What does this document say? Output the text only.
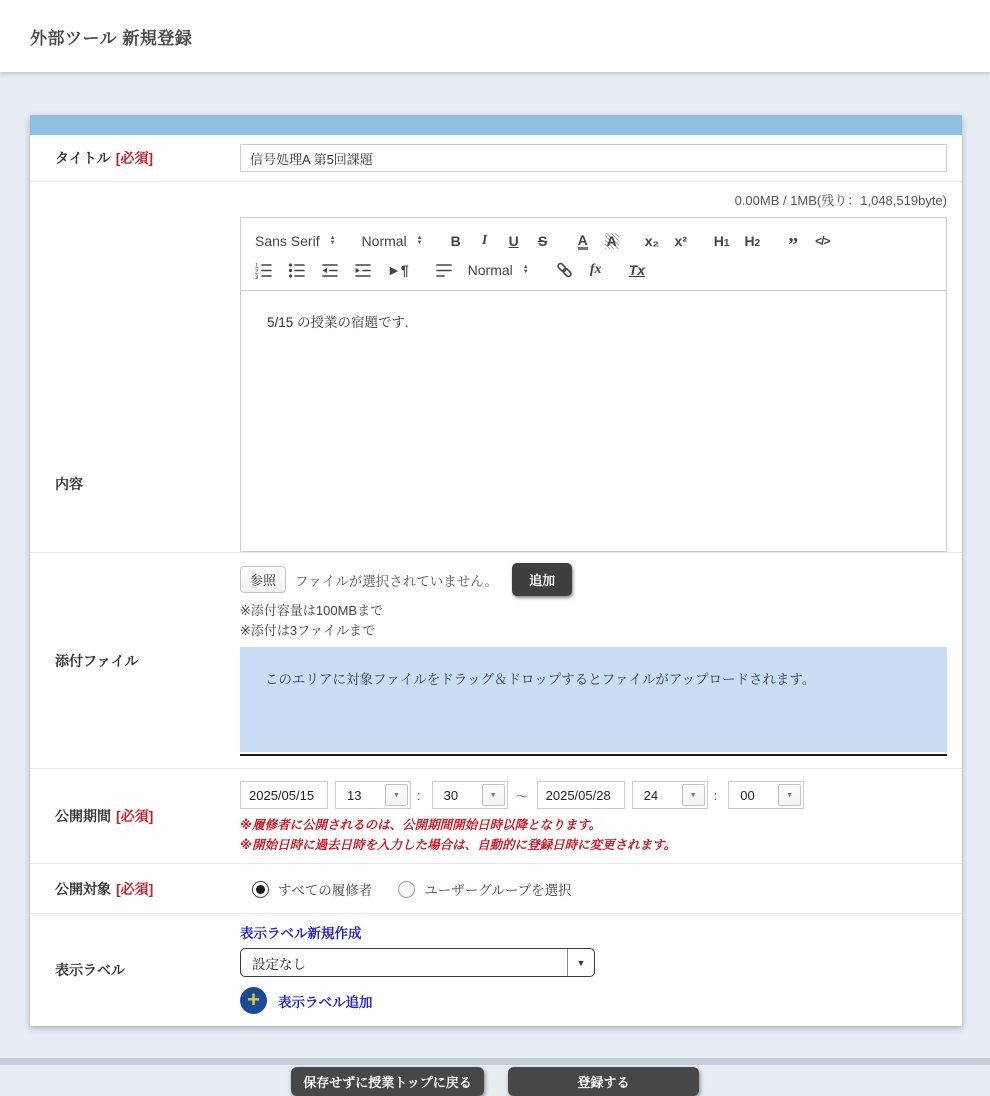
外部ツール 新規登録
タイトル [必須]
信号処理A 第5回課題
内容
0.00MB / 1MB(残り：1,048,519byte)
Sans Serif ▲
▼ Normal ▲
▼ B	I	U S A A x₂ x² H1 H2 ” </>
1
2
3	►¶	Normal ▲
▼	fx Tx
5/15 の授業の宿題です.
添付ファイル
参照	ファイルが選択されていません。	追加
※添付容量は100MBまで
※添付は3ファイルまで
このエリアに対象ファイルをドラッグ＆ドロップするとファイルがアップロードされます。
公開期間 [必須]
2025/05/15	13	▼	:	30	▼	～	2025/05/28	24	▼	:	00	▼
※履修者に公開されるのは、公開期間開始日時以降となります。
※開始日時に過去日時を入力した場合は、自動的に登録日時に変更されます。
公開対象 [必須]	すべての履修者	ユーザーグループを選択
表示ラベル
表示ラベル新規作成
設定なし	▼
+	表示ラベル追加
保存せずに授業トップに戻る	登録する
